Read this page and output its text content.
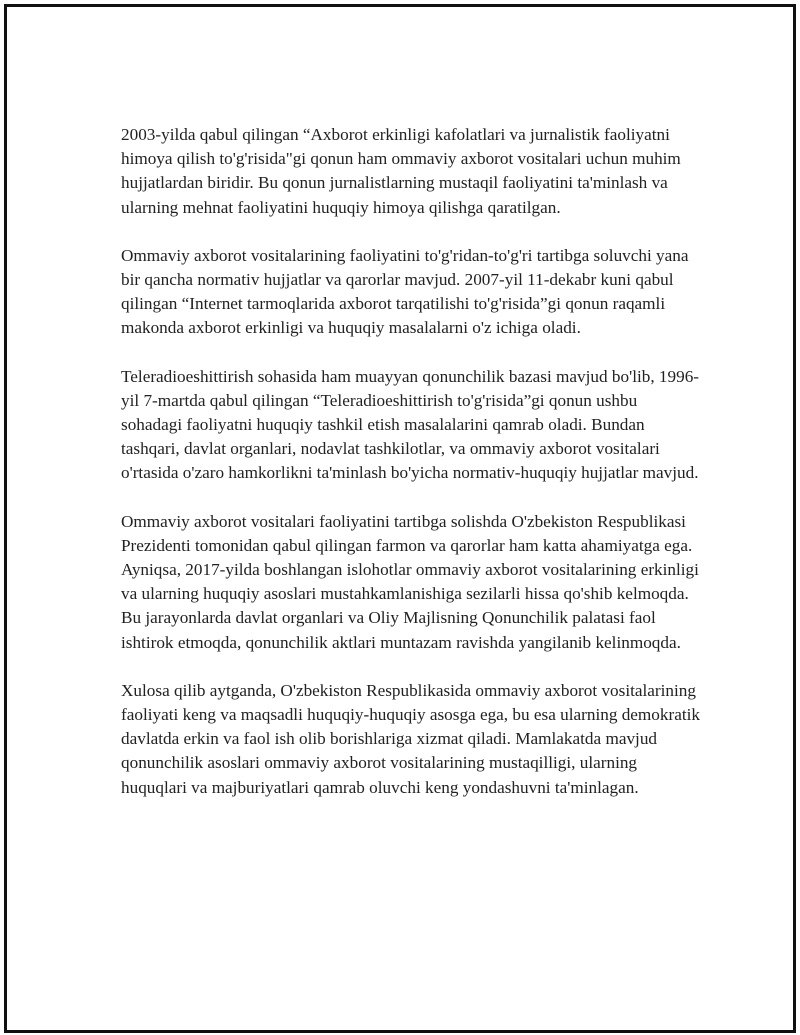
2003-yilda qabul qilingan “Axborot erkinligi kafolatlari va jurnalistik faoliyatni himoya qilish to'g'risida"gi qonun ham ommaviy axborot vositalari uchun muhim hujjatlardan biridir. Bu qonun jurnalistlarning mustaqil faoliyatini ta'minlash va ularning mehnat faoliyatini huquqiy himoya qilishga qaratilgan.

Ommaviy axborot vositalarining faoliyatini to'g'ridan-to'g'ri tartibga soluvchi yana bir qancha normativ hujjatlar va qarorlar mavjud. 2007-yil 11-dekabr kuni qabul qilingan “Internet tarmoqlarida axborot tarqatilishi to'g'risida”gi qonun raqamli makonda axborot erkinligi va huquqiy masalalarni o'z ichiga oladi.

Teleradioeshittirish sohasida ham muayyan qonunchilik bazasi mavjud bo'lib, 1996-yil 7-martda qabul qilingan “Teleradioeshittirish to'g'risida”gi qonun ushbu sohadagi faoliyatni huquqiy tashkil etish masalalarini qamrab oladi. Bundan tashqari, davlat organlari, nodavlat tashkilotlar, va ommaviy axborot vositalari o'rtasida o'zaro hamkorlikni ta'minlash bo'yicha normativ-huquqiy hujjatlar mavjud.

Ommaviy axborot vositalari faoliyatini tartibga solishda O'zbekiston Respublikasi Prezidenti tomonidan qabul qilingan farmon va qarorlar ham katta ahamiyatga ega. Ayniqsa, 2017-yilda boshlangan islohotlar ommaviy axborot vositalarining erkinligi va ularning huquqiy asoslari mustahkamlanishiga sezilarli hissa qo'shib kelmoqda. Bu jarayonlarda davlat organlari va Oliy Majlisning Qonunchilik palatasi faol ishtirok etmoqda, qonunchilik aktlari muntazam ravishda yangilanib kelinmoqda.

Xulosa qilib aytganda, O'zbekiston Respublikasida ommaviy axborot vositalarining faoliyati keng va maqsadli huquqiy-huquqiy asosga ega, bu esa ularning demokratik davlatda erkin va faol ish olib borishlariga xizmat qiladi. Mamlakatda mavjud qonunchilik asoslari ommaviy axborot vositalarining mustaqilligi, ularning huquqlari va majburiyatlari qamrab oluvchi keng yondashuvni ta'minlagan.
